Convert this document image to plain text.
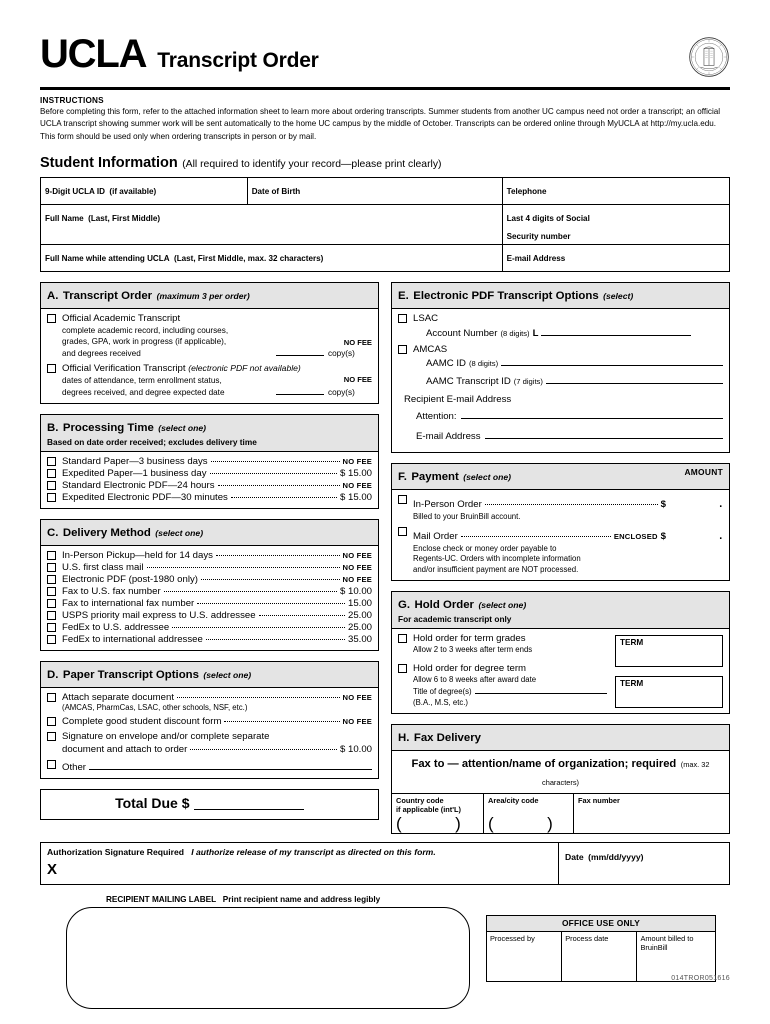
UCLA Transcript Order
INSTRUCTIONS
Before completing this form, refer to the attached information sheet to learn more about ordering transcripts. Summer students from another UC campus need not order a transcript; an official UCLA transcript showing summer work will be sent automatically to the home UC campus by the middle of October. Transcripts can be ordered online through MyUCLA at http://my.ucla.edu. This form should be used only when ordering transcripts in person or by mail.
Student Information (All required to identify your record—please print clearly)
9-Digit UCLA ID (if available)	Date of Birth	Telephone
Full Name (Last, First Middle)		Last 4 digits of Social
Security number
Full Name while attending UCLA (Last, First Middle, max. 32 characters)		E-mail Address
A. Transcript Order (maximum 3 per order)
Official Academic Transcript
complete academic record, including courses,
grades, GPA, work in progress (if applicable),
and degrees received	copy(s)
NO FEE
Official Verification Transcript (electronic PDF not available)
dates of attendance, term enrollment status,
degrees received, and degree expected date	copy(s)
NO FEE
B. Processing Time (select one)
Based on date order received; excludes delivery time
Standard Paper—3 business days	NO FEE
Expedited Paper—1 business day	$ 15.00
Standard Electronic PDF—24 hours	NO FEE
Expedited Electronic PDF—30 minutes	$ 15.00
C. Delivery Method (select one)
In-Person Pickup—held for 14 days	NO FEE
U.S. first class mail	NO FEE
Electronic PDF (post-1980 only)	NO FEE
Fax to U.S. fax number	$ 10.00
Fax to international fax number	15.00
USPS priority mail express to U.S. addressee	25.00
FedEx to U.S. addressee	25.00
FedEx to international addressee	35.00
D. Paper Transcript Options (select one)
Attach separate document	NO FEE
(AMCAS, PharmCas, LSAC, other schools, NSF, etc.)
Complete good student discount form	NO FEE
Signature on envelope and/or complete separate
document and attach to order	$ 10.00
Other
Total Due $
E. Electronic PDF Transcript Options (select)
LSAC
Account Number (8 digits) L
AMCAS
AAMC ID (8 digits)
AAMC Transcript ID (7 digits)
Recipient E-mail Address
Attention:
E-mail Address
AMOUNT
F. Payment (select one)
In-Person Order	$	.
Billed to your BruinBill account.
Mail Order	ENCLOSED $	.
Enclose check or money order payable to
Regents-UC. Orders with incomplete information
and/or insufficient payment are NOT processed.
G. Hold Order (select one)
For academic transcript only
Hold order for term grades
Allow 2 to 3 weeks after term ends
Hold order for degree term
Allow 6 to 8 weeks after award date
Title of degree(s)
(B.A., M.S, etc.)
TERM
TERM
H. Fax Delivery
Fax to — attention/name of organization; required (max. 32 characters)
Country code
if applicable (int'L)
(	)
Area/city code
(	)
Fax number
Authorization Signature Required I authorize release of my transcript as directed on this form.
X
Date (mm/dd/yyyy)
RECIPIENT MAILING LABEL Print recipient name and address legibly
OFFICE USE ONLY
Processed by	Process date	Amount billed to BruinBill
014TROR051616
